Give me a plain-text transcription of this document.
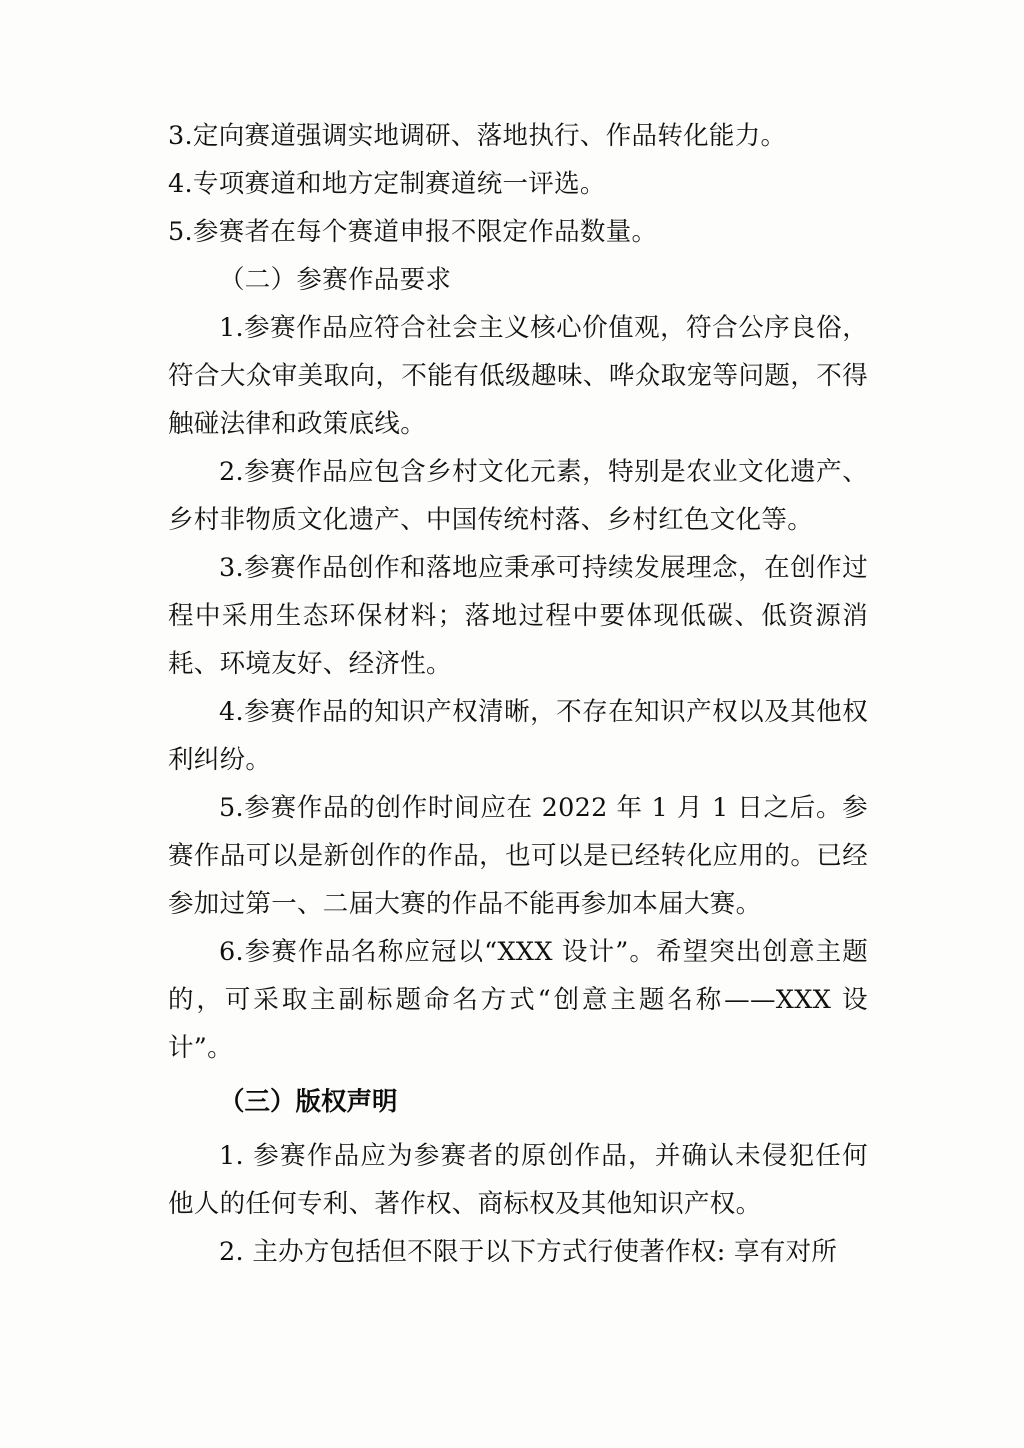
3.定向赛道强调实地调研、落地执行、作品转化能力。

4.专项赛道和地方定制赛道统一评选。

5.参赛者在每个赛道申报不限定作品数量。

（二）参赛作品要求

1.参赛作品应符合社会主义核心价值观，符合公序良俗，符合大众审美取向，不能有低级趣味、哗众取宠等问题，不得触碰法律和政策底线。

2.参赛作品应包含乡村文化元素，特别是农业文化遗产、乡村非物质文化遗产、中国传统村落、乡村红色文化等。

3.参赛作品创作和落地应秉承可持续发展理念，在创作过程中采用生态环保材料；落地过程中要体现低碳、低资源消耗、环境友好、经济性。

4.参赛作品的知识产权清晰，不存在知识产权以及其他权利纠纷。

5.参赛作品的创作时间应在 2022 年 1 月 1 日之后。参赛作品可以是新创作的作品，也可以是已经转化应用的。已经参加过第一、二届大赛的作品不能再参加本届大赛。

6.参赛作品名称应冠以“XXX 设计”。希望突出创意主题的，可采取主副标题命名方式“创意主题名称——XXX 设计”。

（三）版权声明

1. 参赛作品应为参赛者的原创作品，并确认未侵犯任何他人的任何专利、著作权、商标权及其他知识产权。

2. 主办方包括但不限于以下方式行使著作权: 享有对所
